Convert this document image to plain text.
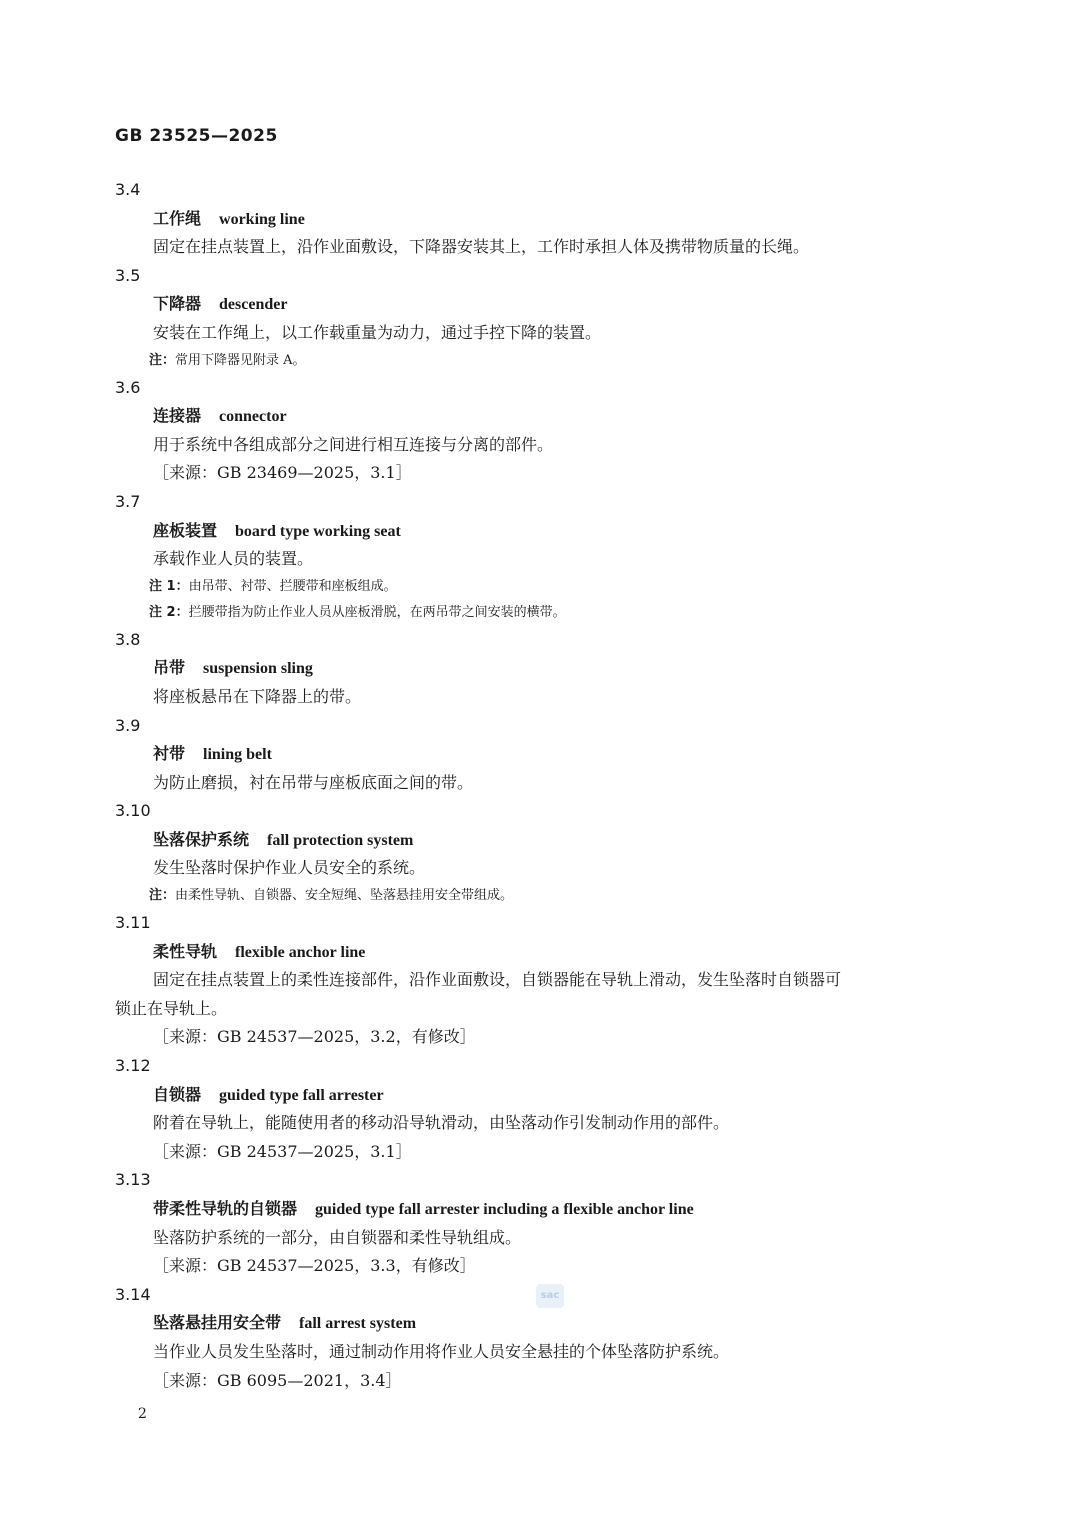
GB 23525—2025
3.4
工作绳 working line
固定在挂点装置上，沿作业面敷设，下降器安装其上，工作时承担人体及携带物质量的长绳。
3.5
下降器 descender
安装在工作绳上，以工作载重量为动力，通过手控下降的装置。
注：常用下降器见附录 A。
3.6
连接器 connector
用于系统中各组成部分之间进行相互连接与分离的部件。
［来源：GB 23469—2025，3.1］
3.7
座板装置 board type working seat
承载作业人员的装置。
注 1：由吊带、衬带、拦腰带和座板组成。
注 2：拦腰带指为防止作业人员从座板滑脱，在两吊带之间安装的横带。
3.8
吊带 suspension sling
将座板悬吊在下降器上的带。
3.9
衬带 lining belt
为防止磨损，衬在吊带与座板底面之间的带。
3.10
坠落保护系统 fall protection system
发生坠落时保护作业人员安全的系统。
注：由柔性导轨、自锁器、安全短绳、坠落悬挂用安全带组成。
3.11
柔性导轨 flexible anchor line
固定在挂点装置上的柔性连接部件，沿作业面敷设，自锁器能在导轨上滑动，发生坠落时自锁器可
锁止在导轨上。
［来源：GB 24537—2025，3.2，有修改］
3.12
自锁器 guided type fall arrester
附着在导轨上，能随使用者的移动沿导轨滑动，由坠落动作引发制动作用的部件。
［来源：GB 24537—2025，3.1］
3.13
带柔性导轨的自锁器 guided type fall arrester including a flexible anchor line
坠落防护系统的一部分，由自锁器和柔性导轨组成。
［来源：GB 24537—2025，3.3，有修改］
3.14
坠落悬挂用安全带 fall arrest system
当作业人员发生坠落时，通过制动作用将作业人员安全悬挂的个体坠落防护系统。
［来源：GB 6095—2021，3.4］
sac
2
